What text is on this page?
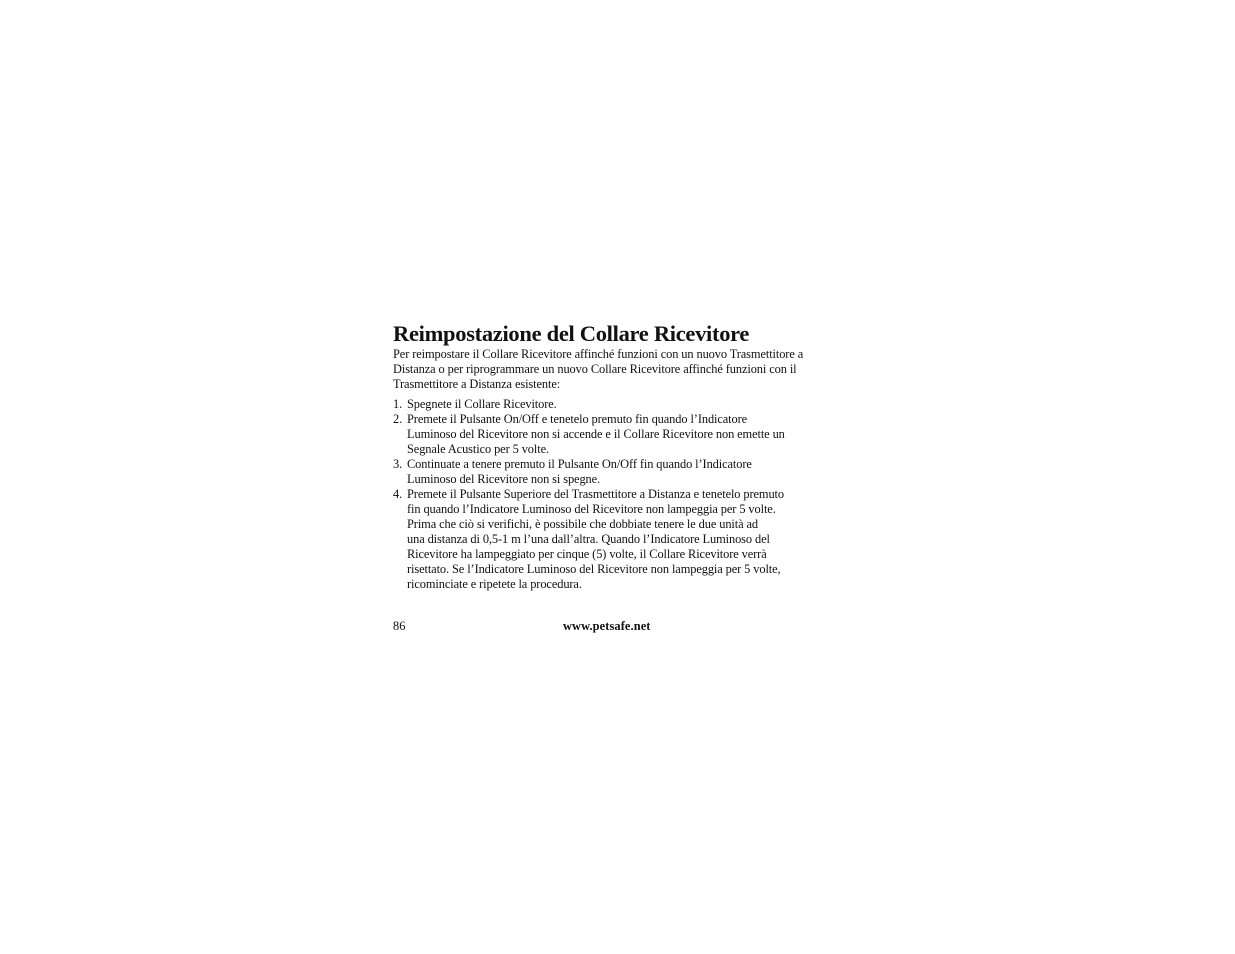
Reimpostazione del Collare Ricevitore

Per reimpostare il Collare Ricevitore affinché funzioni con un nuovo Trasmettitore a
Distanza o per riprogrammare un nuovo Collare Ricevitore affinché funzioni con il
Trasmettitore a Distanza esistente:

1. Spegnete il Collare Ricevitore.
2. Premete il Pulsante On/Off e tenetelo premuto fin quando l’Indicatore
Luminoso del Ricevitore non si accende e il Collare Ricevitore non emette un
Segnale Acustico per 5 volte.
3. Continuate a tenere premuto il Pulsante On/Off fin quando l’Indicatore
Luminoso del Ricevitore non si spegne.
4. Premete il Pulsante Superiore del Trasmettitore a Distanza e tenetelo premuto
fin quando l’Indicatore Luminoso del Ricevitore non lampeggia per 5 volte.
Prima che ciò si verifichi, è possibile che dobbiate tenere le due unità ad
una distanza di 0,5-1 m l’una dall’altra. Quando l’Indicatore Luminoso del
Ricevitore ha lampeggiato per cinque (5) volte, il Collare Ricevitore verrà
risettato. Se l’Indicatore Luminoso del Ricevitore non lampeggia per 5 volte,
ricominciate e ripetete la procedura.
86	www.petsafe.net
